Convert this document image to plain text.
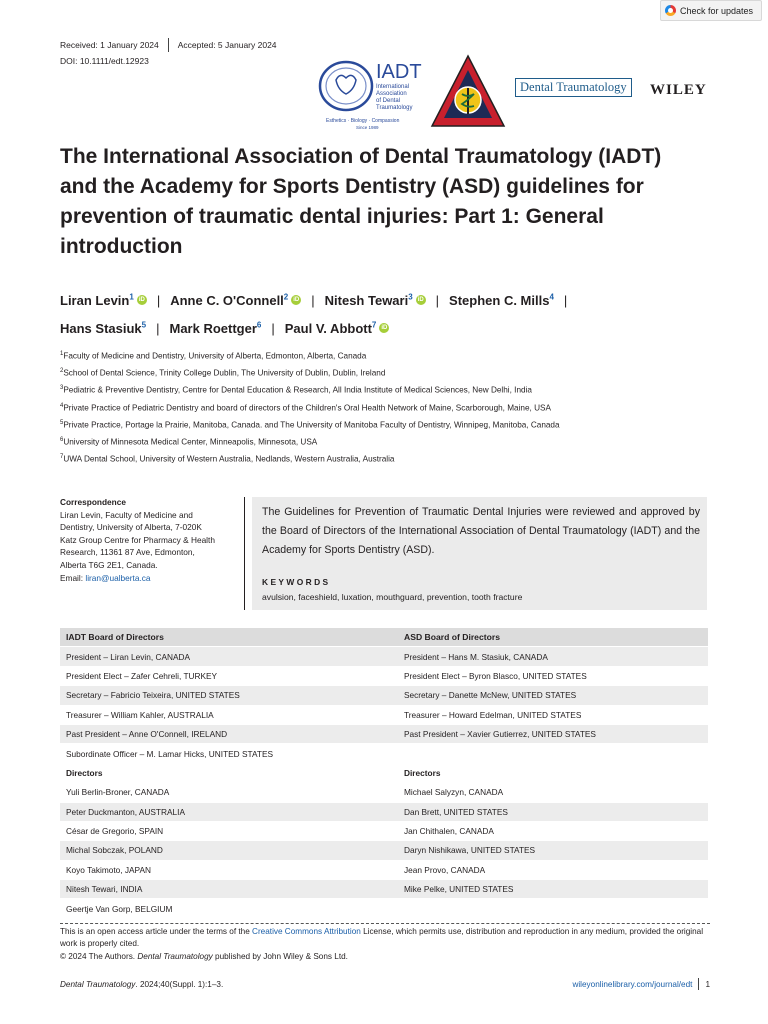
Check for updates
Received: 1 January 2024 Accepted: 5 January 2024
DOI: 10.1111/edt.12923	IADT
International
Association
of Dental
Traumatology
Esthetics · Biology · Compassion
Since 1989
Dental Traumatology	WILEY
The International Association of Dental Traumatology (IADT) and the Academy for Sports Dentistry (ASD) guidelines for prevention of traumatic dental injuries: Part 1: General introduction
Liran Levin$^1$ iD | Anne C. O'Connell$^2$ iD | Nitesh Tewari$^3$ iD | Stephen C. Mills$^4$ |
Hans Stasiuk$^5$ | Mark Roettger$^6$ | Paul V. Abbott$^7$ iD
$^1$Faculty of Medicine and Dentistry, University of Alberta, Edmonton, Alberta, Canada
$^2$School of Dental Science, Trinity College Dublin, The University of Dublin, Dublin, Ireland
$^3$Pediatric & Preventive Dentistry, Centre for Dental Education & Research, All India Institute of Medical Sciences, New Delhi, India
$^4$Private Practice of Pediatric Dentistry and board of directors of the Children's Oral Health Network of Maine, Scarborough, Maine, USA
$^5$Private Practice, Portage la Prairie, Manitoba, Canada. and The University of Manitoba Faculty of Dentistry, Winnipeg, Manitoba, Canada
$^6$University of Minnesota Medical Center, Minneapolis, Minnesota, USA
$^7$UWA Dental School, University of Western Australia, Nedlands, Western Australia, Australia
Correspondence
Liran Levin, Faculty of Medicine and
Dentistry, University of Alberta, 7-020K
Katz Group Centre for Pharmacy & Health
Research, 11361 87 Ave, Edmonton,
Alberta T6G 2E1, Canada.
Email: liran@ualberta.ca

The Guidelines for Prevention of Traumatic Dental Injuries were reviewed and approved by the Board of Directors of the International Association of Dental Traumatology (IADT) and the Academy for Sports Dentistry (ASD).

KEYWORDS
avulsion, faceshield, luxation, mouthguard, prevention, tooth fracture
IADT Board of Directors	ASD Board of Directors
President – Liran Levin, CANADA	President – Hans M. Stasiuk, CANADA
President Elect – Zafer Cehreli, TURKEY	President Elect – Byron Blasco, UNITED STATES
Secretary – Fabricio Teixeira, UNITED STATES	Secretary – Danette McNew, UNITED STATES
Treasurer – William Kahler, AUSTRALIA	Treasurer – Howard Edelman, UNITED STATES
Past President – Anne O'Connell, IRELAND	Past President – Xavier Gutierrez, UNITED STATES
Subordinate Officer – M. Lamar Hicks, UNITED STATES
Directors	Directors
Yuli Berlin-Broner, CANADA	Michael Salyzyn, CANADA
Peter Duckmanton, AUSTRALIA	Dan Brett, UNITED STATES
César de Gregorio, SPAIN	Jan Chithalen, CANADA
Michal Sobczak, POLAND	Daryn Nishikawa, UNITED STATES
Koyo Takimoto, JAPAN	Jean Provo, CANADA
Nitesh Tewari, INDIA	Mike Pelke, UNITED STATES
Geertje Van Gorp, BELGIUM
This is an open access article under the terms of the Creative Commons Attribution License, which permits use, distribution and reproduction in any medium, provided the original work is properly cited.
© 2024 The Authors. Dental Traumatology published by John Wiley & Sons Ltd.
Dental Traumatology. 2024;40(Suppl. 1):1–3.	wileyonlinelibrary.com/journal/edt 1
